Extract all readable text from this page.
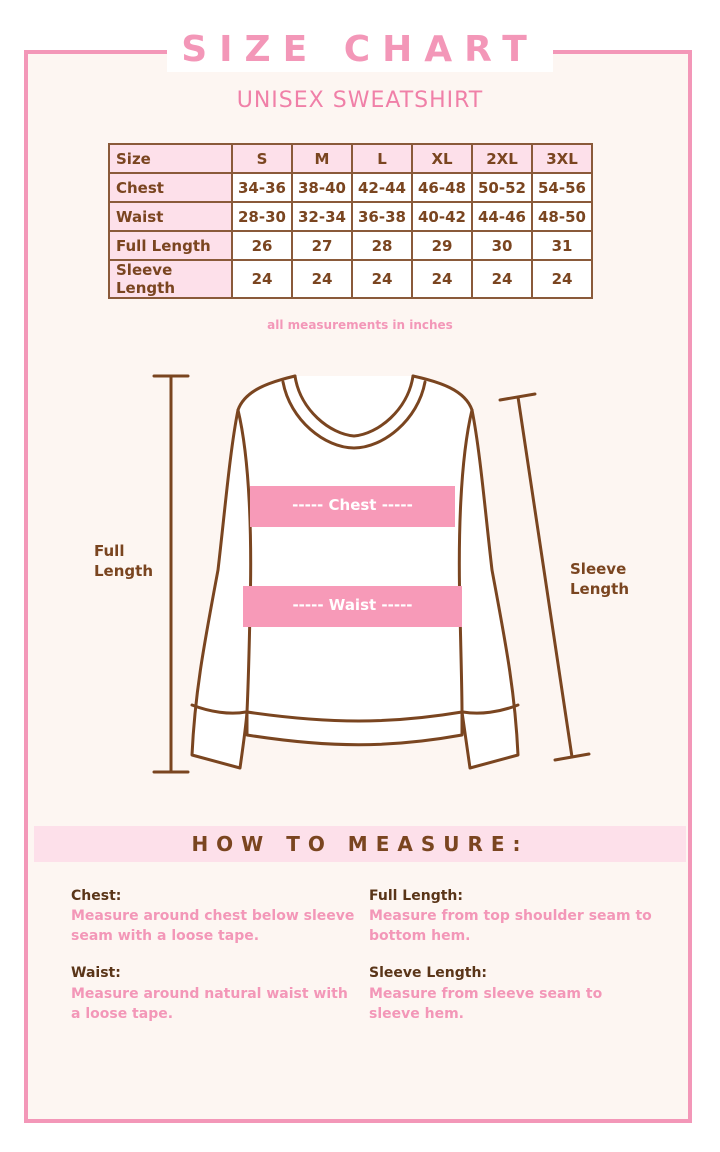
SIZE CHART
UNISEX SWEATSHIRT
Size	S	M	L	XL	2XL	3XL
Chest	34-36	38-40	42-44	46-48	50-52	54-56
Waist	28-30	32-34	36-38	40-42	44-46	48-50
Full Length	26	27	28	29	30	31
Sleeve Length	24	24	24	24	24	24
all measurements in inches
----- Chest -----
----- Waist -----
Full
Length	Sleeve
Length
HOW TO MEASURE:
Chest:
Measure around chest below sleeve seam with a loose tape.
Full Length:
Measure from top shoulder seam to bottom hem.
Waist:
Measure around natural waist with a loose tape.
Sleeve Length:
Measure from sleeve seam to sleeve hem.
